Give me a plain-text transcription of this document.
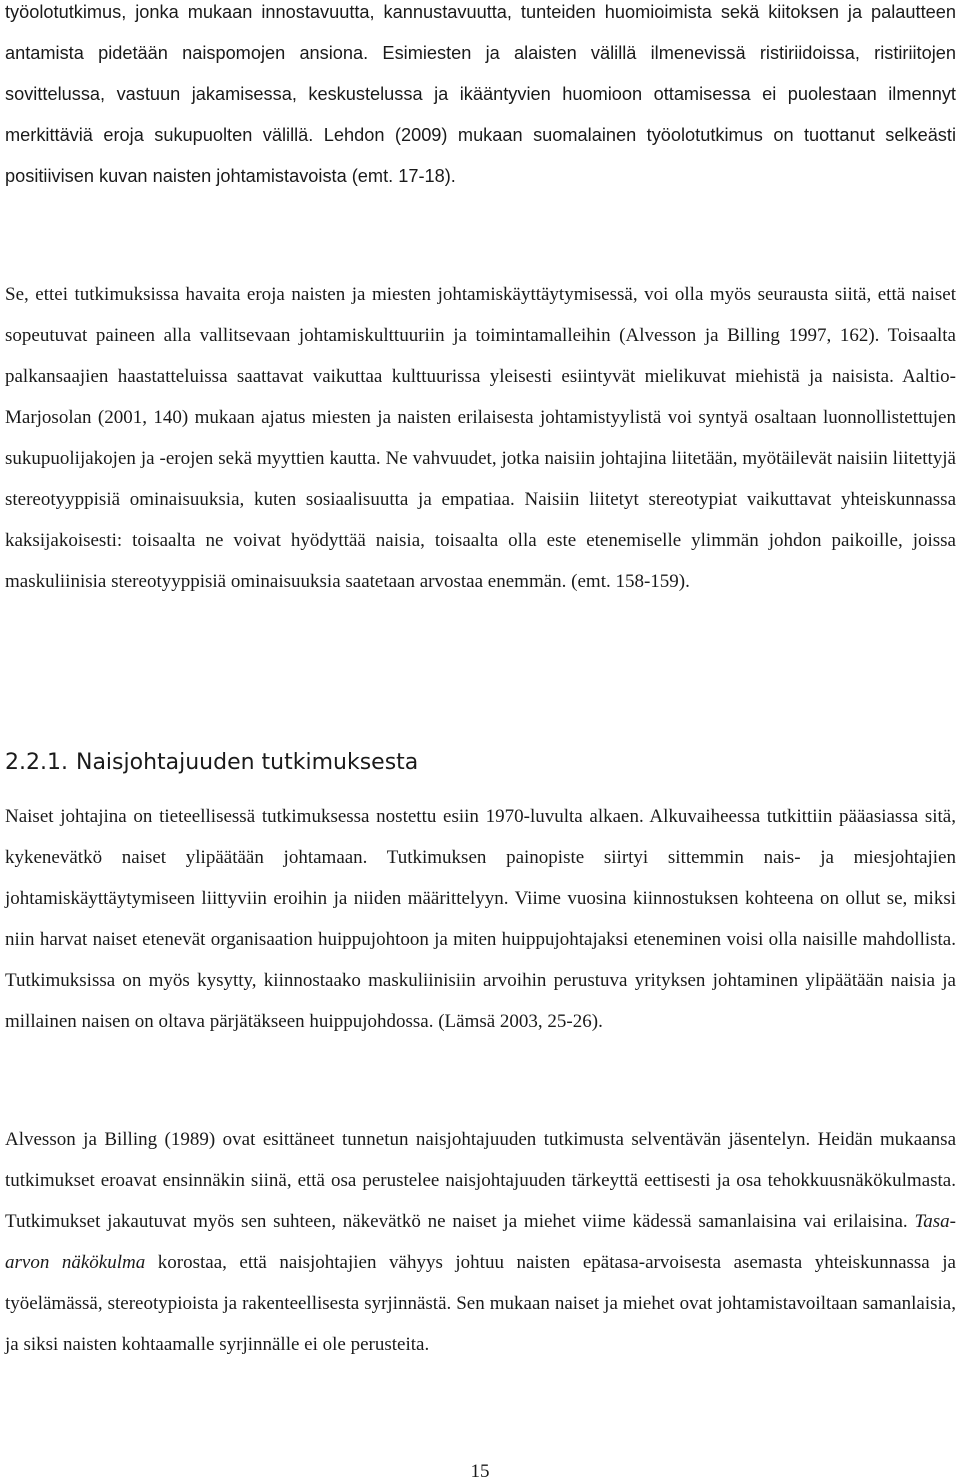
työolotutkimus, jonka mukaan innostavuutta, kannustavuutta, tunteiden huomioimista sekä kiitoksen ja palautteen antamista pidetään naispomojen ansiona. Esimiesten ja alaisten välillä ilmenevissä ristiriidoissa, ristiriitojen sovittelussa, vastuun jakamisessa, keskustelussa ja ikääntyvien huomioon ottamisessa ei puolestaan ilmennyt merkittäviä eroja sukupuolten välillä. Lehdon (2009) mukaan suomalainen työolotutkimus on tuottanut selkeästi positiivisen kuvan naisten johtamistavoista (emt. 17-18).

Se, ettei tutkimuksissa havaita eroja naisten ja miesten johtamiskäyttäytymisessä, voi olla myös seurausta siitä, että naiset sopeutuvat paineen alla vallitsevaan johtamiskulttuuriin ja toimintamalleihin (Alvesson ja Billing 1997, 162). Toisaalta palkansaajien haastatteluissa saattavat vaikuttaa kulttuurissa yleisesti esiintyvät mielikuvat miehistä ja naisista. Aaltio-Marjosolan (2001, 140) mukaan ajatus miesten ja naisten erilaisesta johtamistyylistä voi syntyä osaltaan luonnollistettujen sukupuolijakojen ja -erojen sekä myyttien kautta. Ne vahvuudet, jotka naisiin johtajina liitetään, myötäilevät naisiin liitettyjä stereotyyppisiä ominaisuuksia, kuten sosiaalisuutta ja empatiaa. Naisiin liitetyt stereotypiat vaikuttavat yhteiskunnassa kaksijakoisesti: toisaalta ne voivat hyödyttää naisia, toisaalta olla este etenemiselle ylimmän johdon paikoille, joissa maskuliinisia stereotyyppisiä ominaisuuksia saatetaan arvostaa enemmän. (emt. 158-159).

2.2.1. Naisjohtajuuden tutkimuksesta

Naiset johtajina on tieteellisessä tutkimuksessa nostettu esiin 1970-luvulta alkaen. Alkuvaiheessa tutkittiin pääasiassa sitä, kykenevätkö naiset ylipäätään johtamaan. Tutkimuksen painopiste siirtyi sittemmin nais- ja miesjohtajien johtamiskäyttäytymiseen liittyviin eroihin ja niiden määrittelyyn. Viime vuosina kiinnostuksen kohteena on ollut se, miksi niin harvat naiset etenevät organisaation huippujohtoon ja miten huippujohtajaksi eteneminen voisi olla naisille mahdollista. Tutkimuksissa on myös kysytty, kiinnostaako maskuliinisiin arvoihin perustuva yrityksen johtaminen ylipäätään naisia ja millainen naisen on oltava pärjätäkseen huippujohdossa. (Lämsä 2003, 25-26).

Alvesson ja Billing (1989) ovat esittäneet tunnetun naisjohtajuuden tutkimusta selventävän jäsentelyn. Heidän mukaansa tutkimukset eroavat ensinnäkin siinä, että osa perustelee naisjohtajuuden tärkeyttä eettisesti ja osa tehokkuusnäkökulmasta. Tutkimukset jakautuvat myös sen suhteen, näkevätkö ne naiset ja miehet viime kädessä samanlaisina vai erilaisina. Tasa-arvon näkökulma korostaa, että naisjohtajien vähyys johtuu naisten epätasa-arvoisesta asemasta yhteiskunnassa ja työelämässä, stereotypioista ja rakenteellisesta syrjinnästä. Sen mukaan naiset ja miehet ovat johtamistavoiltaan samanlaisia, ja siksi naisten kohtaamalle syrjinnälle ei ole perusteita.

15
